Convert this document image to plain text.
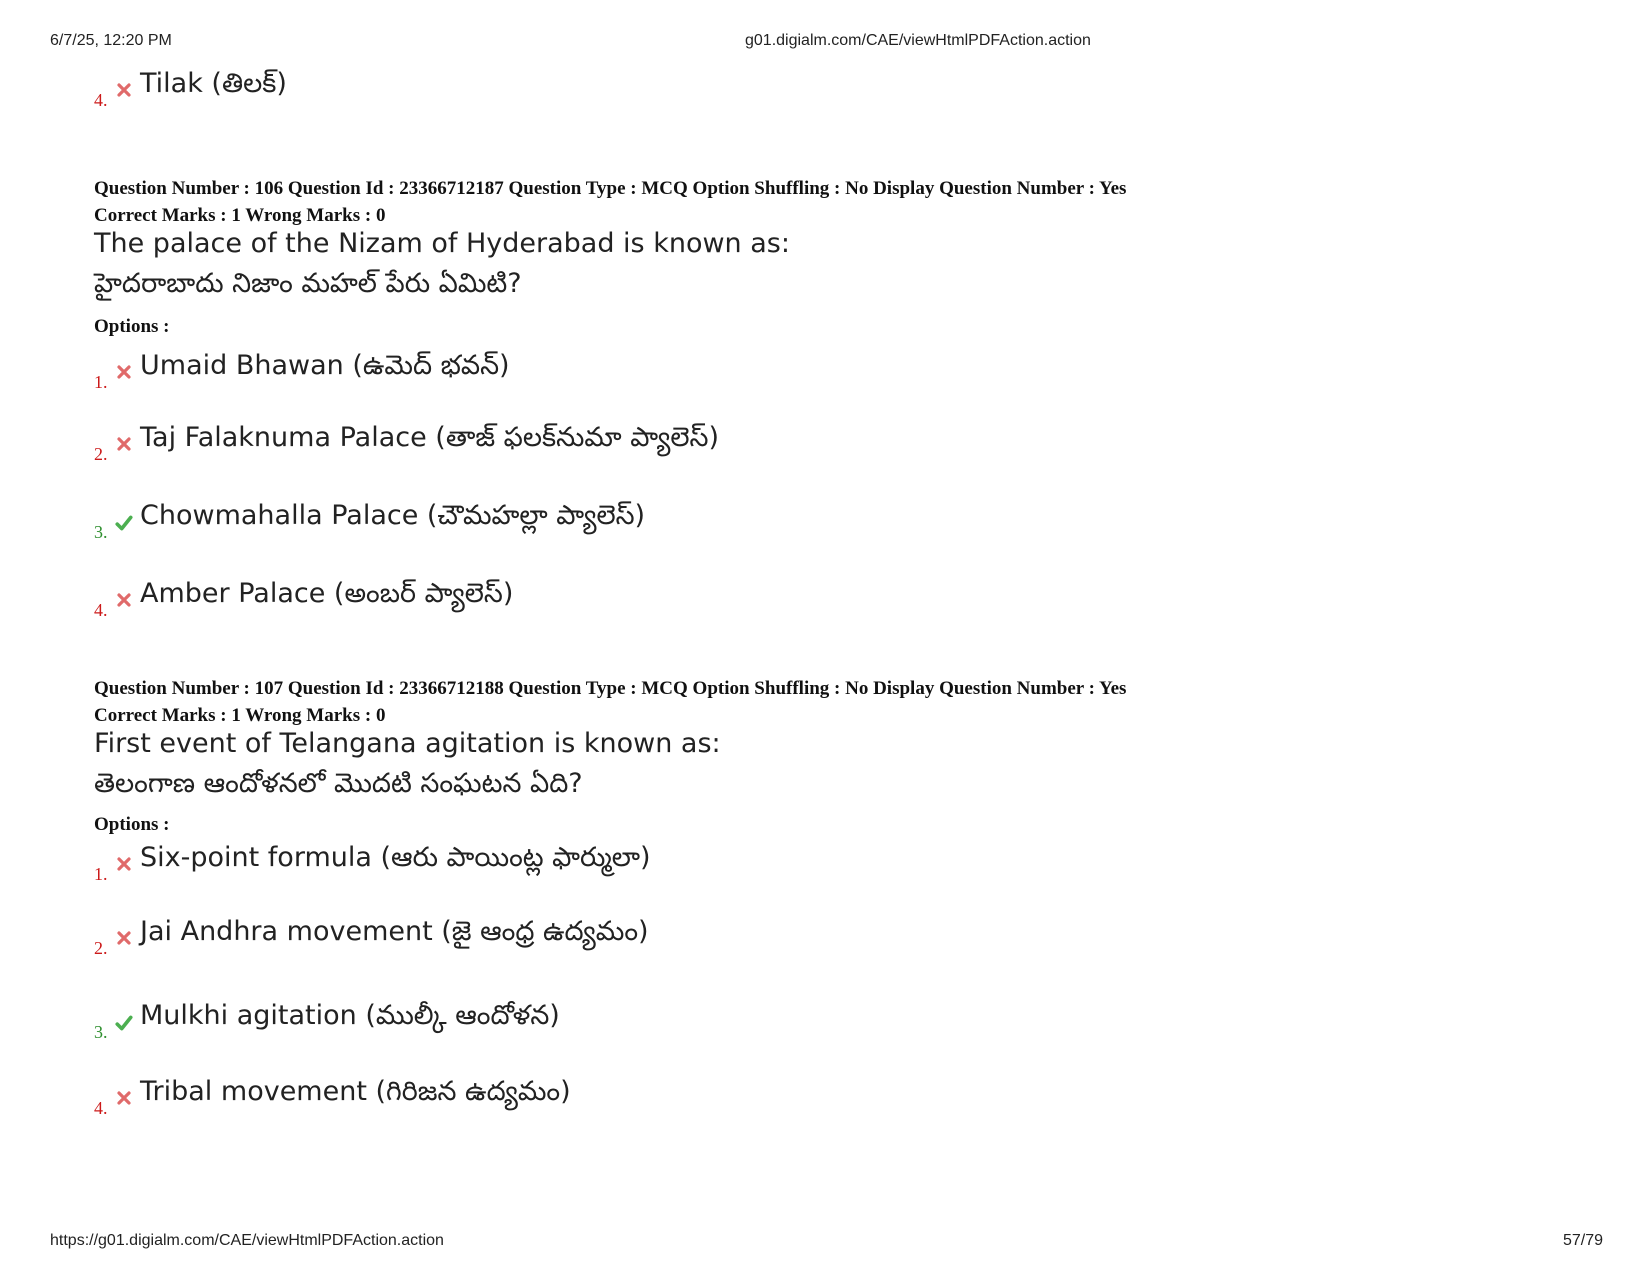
6/7/25, 12:20 PM	g01.digialm.com/CAE/viewHtmlPDFAction.action
4.
Tilak (తిలక్)
Question Number : 106 Question Id : 23366712187 Question Type : MCQ Option Shuffling : No Display Question Number : Yes
Correct Marks : 1 Wrong Marks : 0
The palace of the Nizam of Hyderabad is known as:
హైదరాబాదు నిజాం మహల్ పేరు ఏమిటి?
Options :
1.
Umaid Bhawan (ఉమెద్ భవన్)
2.
Taj Falaknuma Palace (తాజ్ ఫలక్‌నుమా ప్యాలెస్)
3.
Chowmahalla Palace (చౌమహల్లా ప్యాలెస్)
4.
Amber Palace (అంబర్ ప్యాలెస్)
Question Number : 107 Question Id : 23366712188 Question Type : MCQ Option Shuffling : No Display Question Number : Yes
Correct Marks : 1 Wrong Marks : 0
First event of Telangana agitation is known as:
తెలంగాణ ఆందోళనలో మొదటి సంఘటన ఏది?
Options :
1.
Six-point formula (ఆరు పాయింట్ల ఫార్ములా)
2.
Jai Andhra movement (జై ఆంధ్ర ఉద్యమం)
3.
Mulkhi agitation (ముల్కీ ఆందోళన)
4.
Tribal movement (గిరిజన ఉద్యమం)
https://g01.digialm.com/CAE/viewHtmlPDFAction.action	57/79
